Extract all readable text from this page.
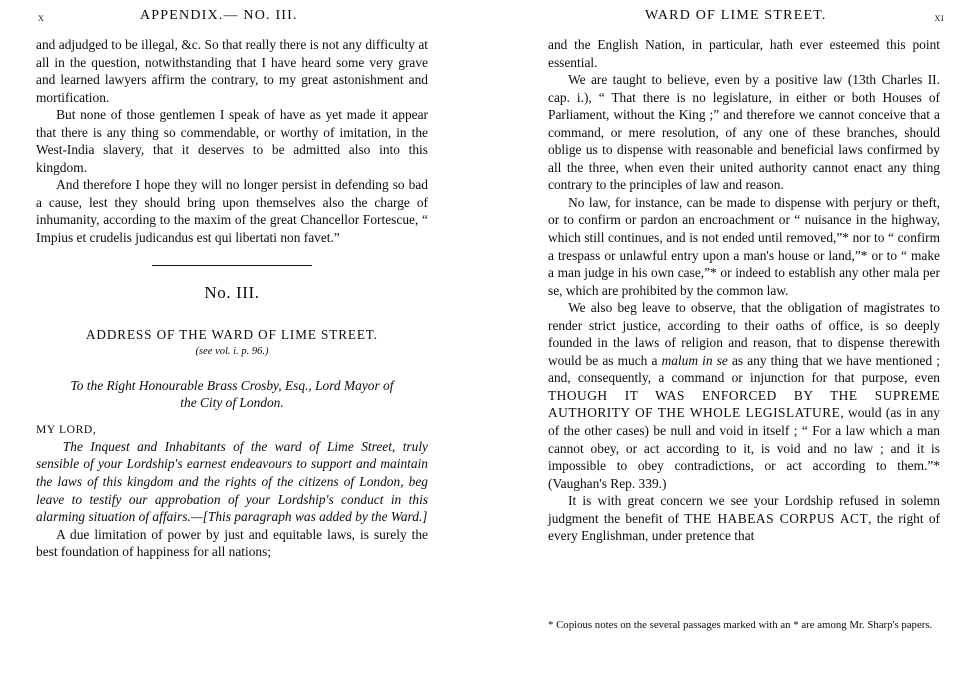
x	APPENDIX.— NO. III.	WARD OF LIME STREET.	xi

and adjudged to be illegal, &c. So that really there is not any difficulty at all in the question, notwithstanding that I have heard some very grave and learned lawyers affirm the contrary, to my great astonishment and mortification.

But none of those gentlemen I speak of have as yet made it appear that there is any thing so commendable, or worthy of imitation, in the West-India slavery, that it deserves to be admitted also into this kingdom.

And therefore I hope they will no longer persist in defending so bad a cause, lest they should bring upon themselves also the charge of inhumanity, according to the maxim of the great Chancellor Fortescue, “ Impius et crudelis judicandus est qui libertati non favet.”

No. III.
ADDRESS OF THE WARD OF LIME STREET.
(see vol. i. p. 96.)
To the Right Honourable Brass Crosby, Esq., Lord Mayor of
the City of London.

MY LORD,

The Inquest and Inhabitants of the ward of Lime Street, truly sensible of your Lordship's earnest endeavours to support and maintain the laws of this kingdom and the rights of the citizens of London, beg leave to testify our approbation of your Lordship's conduct in this alarming situation of affairs.—[This paragraph was added by the Ward.]

A due limitation of power by just and equitable laws, is surely the best foundation of happiness for all nations;

and the English Nation, in particular, hath ever esteemed this point essential.

We are taught to believe, even by a positive law (13th Charles II. cap. i.), “ That there is no legislature, in either or both Houses of Parliament, without the King ;” and therefore we cannot conceive that a command, or mere resolution, of any one of these branches, should oblige us to dispense with reasonable and beneficial laws confirmed by all the three, when even their united authority cannot enact any thing contrary to the principles of law and reason.

No law, for instance, can be made to dispense with perjury or theft, or to confirm or pardon an encroachment or “ nuisance in the highway, which still continues, and is not ended until removed,”* nor to “ confirm a trespass or unlawful entry upon a man's house or land,”* or to “ make a man judge in his own case,”* or indeed to establish any other mala per se, which are prohibited by the common law.

We also beg leave to observe, that the obligation of magistrates to render strict justice, according to their oaths of office, is so deeply founded in the laws of religion and reason, that to dispense therewith would be as much a malum in se as any thing that we have mentioned ; and, consequently, a command or injunction for that purpose, even THOUGH IT WAS ENFORCED BY THE SUPREME AUTHORITY OF THE WHOLE LEGISLATURE, would (as in any of the other cases) be null and void in itself ; “ For a law which a man cannot obey, or act according to it, is void and no law ; and it is impossible to obey contradictions, or act according to them.”* (Vaughan's Rep. 339.)

It is with great concern we see your Lordship refused in solemn judgment the benefit of THE HABEAS CORPUS ACT, the right of every Englishman, under pretence that

* Copious notes on the several passages marked with an * are among Mr. Sharp's papers.
